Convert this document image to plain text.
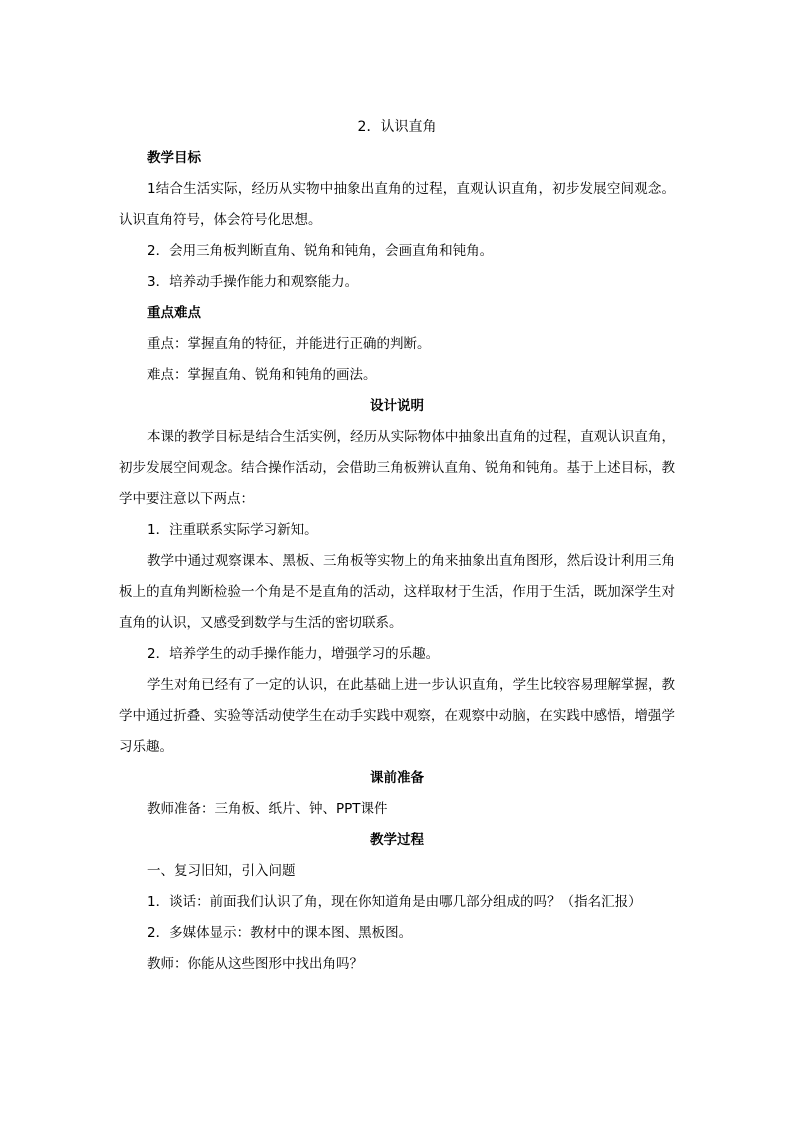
2．认识直角
教学目标
1结合生活实际，经历从实物中抽象出直角的过程，直观认识直角，初步发展空间观念。认识直角符号，体会符号化思想。
2．会用三角板判断直角、锐角和钝角，会画直角和钝角。
3．培养动手操作能力和观察能力。
重点难点
重点：掌握直角的特征，并能进行正确的判断。
难点：掌握直角、锐角和钝角的画法。
设计说明
本课的教学目标是结合生活实例，经历从实际物体中抽象出直角的过程，直观认识直角，初步发展空间观念。结合操作活动，会借助三角板辨认直角、锐角和钝角。基于上述目标，教学中要注意以下两点：
1．注重联系实际学习新知。
教学中通过观察课本、黑板、三角板等实物上的角来抽象出直角图形，然后设计利用三角板上的直角判断检验一个角是不是直角的活动，这样取材于生活，作用于生活，既加深学生对直角的认识，又感受到数学与生活的密切联系。
2．培养学生的动手操作能力，增强学习的乐趣。
学生对角已经有了一定的认识，在此基础上进一步认识直角，学生比较容易理解掌握，教学中通过折叠、实验等活动使学生在动手实践中观察，在观察中动脑，在实践中感悟，增强学习乐趣。
课前准备
教师准备：三角板、纸片、钟、PPT课件
教学过程
一、复习旧知，引入问题
1．谈话：前面我们认识了角，现在你知道角是由哪几部分组成的吗？（指名汇报）
2．多媒体显示：教材中的课本图、黑板图。
教师：你能从这些图形中找出角吗？
